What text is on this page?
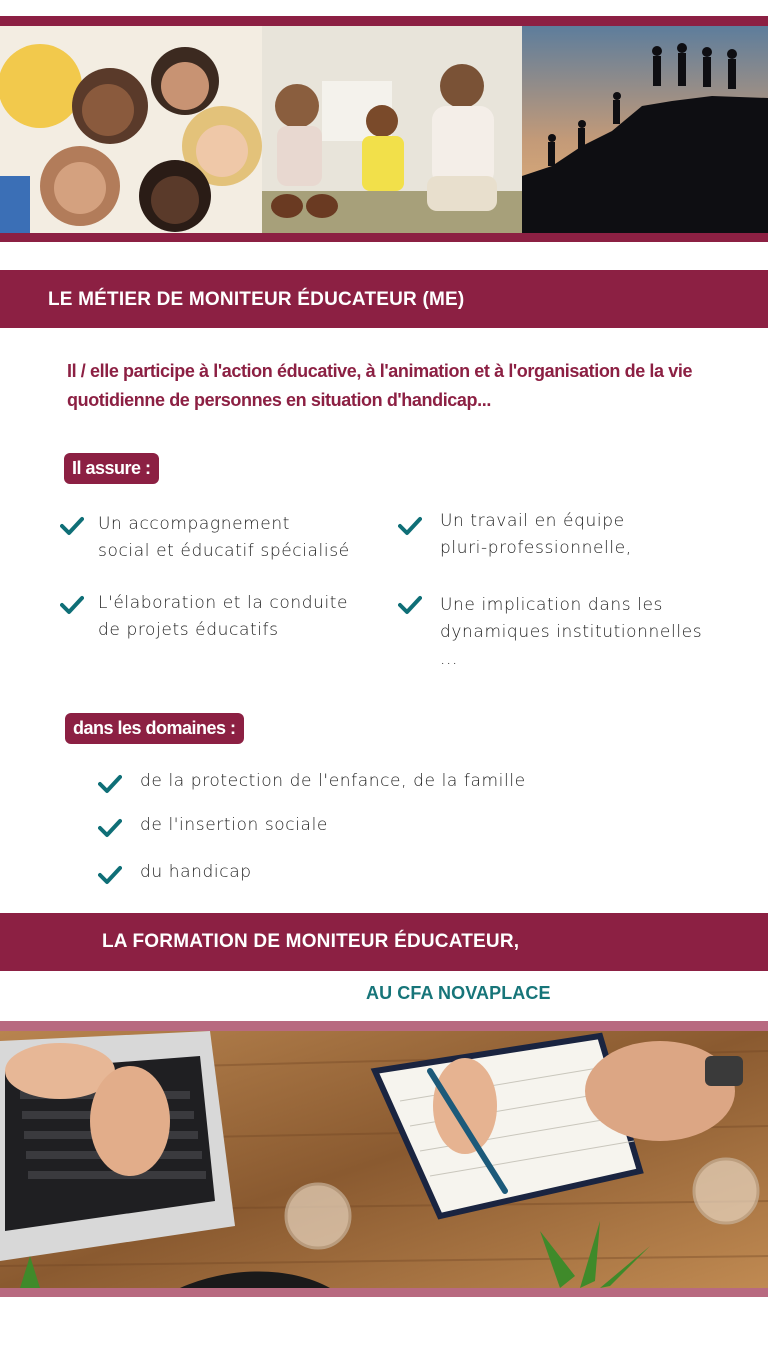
LE MÉTIER DE MONITEUR ÉDUCATEUR (ME)
Il / elle participe à l'action éducative, à l'animation et à l'organisation de la vie
quotidienne de personnes en situation d'handicap...
Il assure :
Un accompagnement
social et éducatif spécialisé
Un travail en équipe
pluri-professionnelle,
L'élaboration et la conduite
de projets éducatifs
Une implication dans les
dynamiques institutionnelles
...
dans les domaines :
de la protection de l'enfance, de la famille
de l'insertion sociale
du handicap
LA FORMATION DE MONITEUR ÉDUCATEUR,
AU CFA NOVAPLACE
